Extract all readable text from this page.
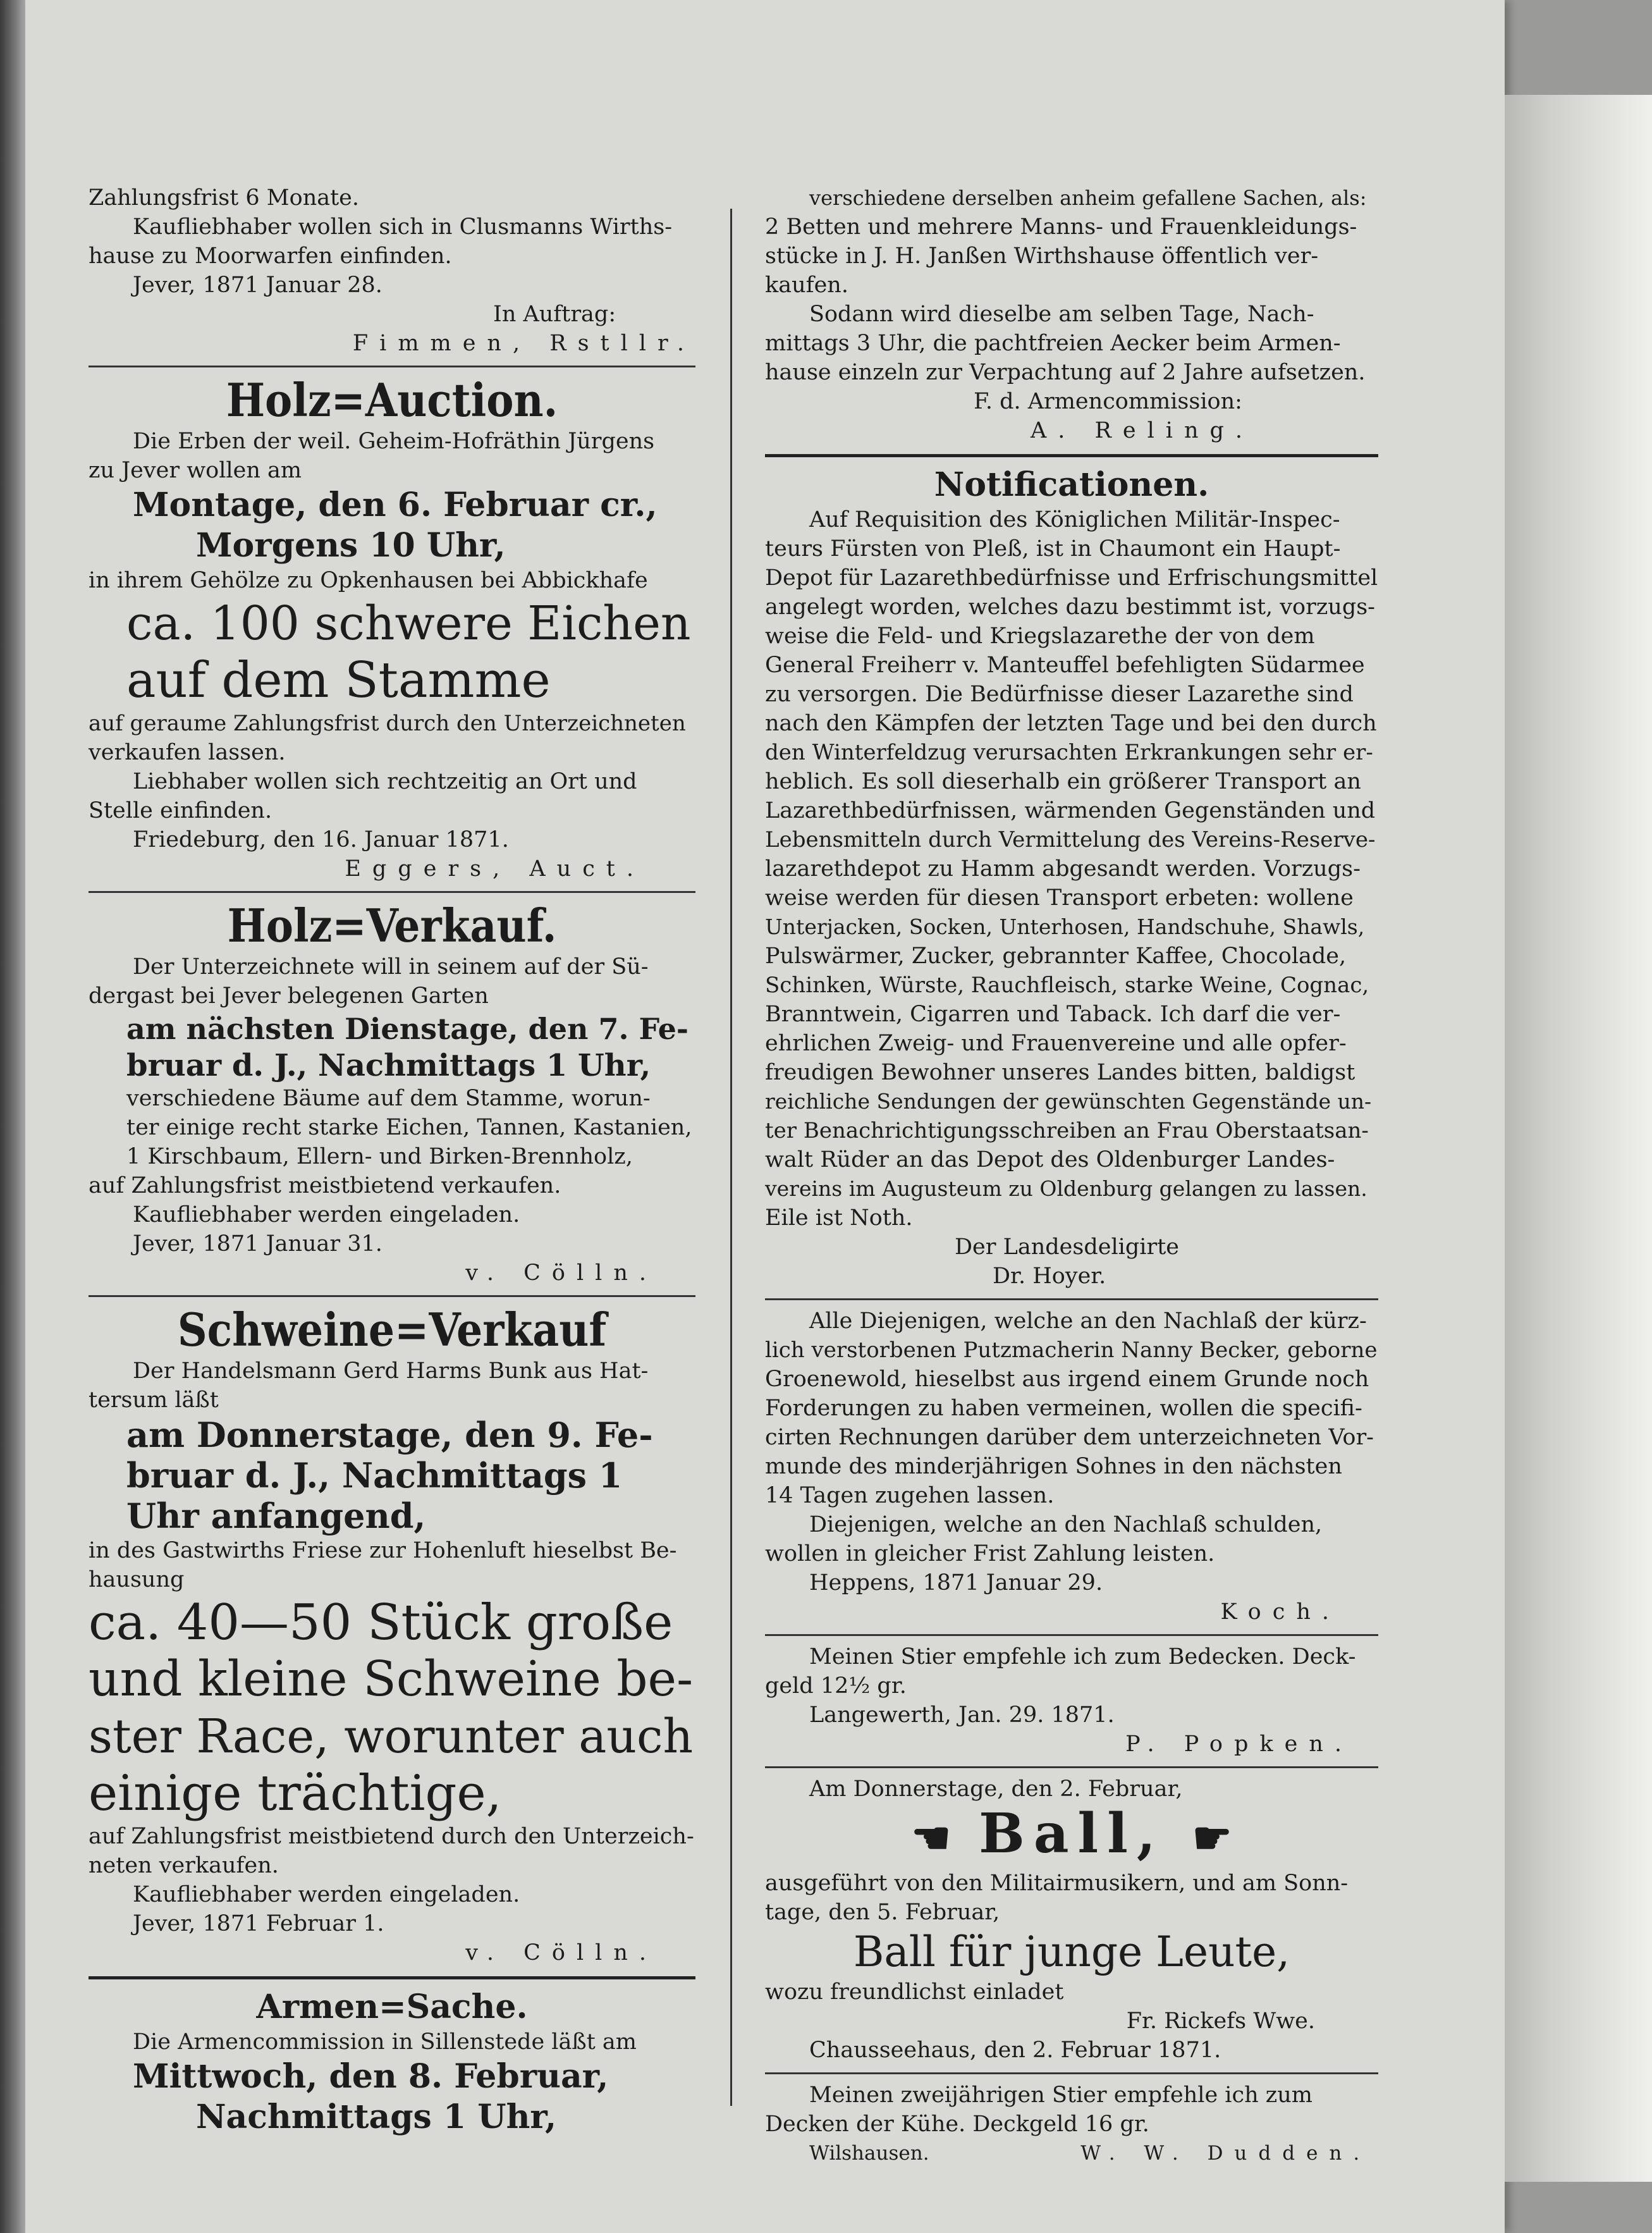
Zahlungsfrist 6 Monate.
Kaufliebhaber wollen sich in Clusmanns Wirths-
hause zu Moorwarfen einfinden.
Jever, 1871 Januar 28.
In Auftrag:
Fimmen, Rstllr.
Holz=Auction.
Die Erben der weil. Geheim-Hofräthin Jürgens
zu Jever wollen am
Montage, den 6. Februar cr.,
Morgens 10 Uhr,
in ihrem Gehölze zu Opkenhausen bei Abbickhafe
ca. 100 schwere Eichen
auf dem Stamme
auf geraume Zahlungsfrist durch den Unterzeichneten
verkaufen lassen.
Liebhaber wollen sich rechtzeitig an Ort und
Stelle einfinden.
Friedeburg, den 16. Januar 1871.
Eggers, Auct.
Holz=Verkauf.
Der Unterzeichnete will in seinem auf der Sü-
dergast bei Jever belegenen Garten
am nächsten Dienstage, den 7. Fe-
bruar d. J., Nachmittags 1 Uhr,
verschiedene Bäume auf dem Stamme, worun-
ter einige recht starke Eichen, Tannen, Kastanien,
1 Kirschbaum, Ellern- und Birken-Brennholz,
auf Zahlungsfrist meistbietend verkaufen.
Kaufliebhaber werden eingeladen.
Jever, 1871 Januar 31.
v. Cölln.
Schweine=Verkauf
Der Handelsmann Gerd Harms Bunk aus Hat-
tersum läßt
am Donnerstage, den 9. Fe-
bruar d. J., Nachmittags 1
Uhr anfangend,
in des Gastwirths Friese zur Hohenluft hieselbst Be-
hausung
ca. 40—50 Stück große
und kleine Schweine be-
ster Race, worunter auch
einige trächtige,
auf Zahlungsfrist meistbietend durch den Unterzeich-
neten verkaufen.
Kaufliebhaber werden eingeladen.
Jever, 1871 Februar 1.
v. Cölln.
Armen=Sache.
Die Armencommission in Sillenstede läßt am
Mittwoch, den 8. Februar,
Nachmittags 1 Uhr,
verschiedene derselben anheim gefallene Sachen, als:
2 Betten und mehrere Manns- und Frauenkleidungs-
stücke in J. H. Janßen Wirthshause öffentlich ver-
kaufen.
Sodann wird dieselbe am selben Tage, Nach-
mittags 3 Uhr, die pachtfreien Aecker beim Armen-
hause einzeln zur Verpachtung auf 2 Jahre aufsetzen.
F. d. Armencommission:
A. Reling.
Notificationen.
Auf Requisition des Königlichen Militär-Inspec-
teurs Fürsten von Pleß, ist in Chaumont ein Haupt-
Depot für Lazarethbedürfnisse und Erfrischungsmittel
angelegt worden, welches dazu bestimmt ist, vorzugs-
weise die Feld- und Kriegslazarethe der von dem
General Freiherr v. Manteuffel befehligten Südarmee
zu versorgen. Die Bedürfnisse dieser Lazarethe sind
nach den Kämpfen der letzten Tage und bei den durch
den Winterfeldzug verursachten Erkrankungen sehr er-
heblich. Es soll dieserhalb ein größerer Transport an
Lazarethbedürfnissen, wärmenden Gegenständen und
Lebensmitteln durch Vermittelung des Vereins-Reserve-
lazarethdepot zu Hamm abgesandt werden. Vorzugs-
weise werden für diesen Transport erbeten: wollene
Unterjacken, Socken, Unterhosen, Handschuhe, Shawls,
Pulswärmer, Zucker, gebrannter Kaffee, Chocolade,
Schinken, Würste, Rauchfleisch, starke Weine, Cognac,
Branntwein, Cigarren und Taback. Ich darf die ver-
ehrlichen Zweig- und Frauenvereine und alle opfer-
freudigen Bewohner unseres Landes bitten, baldigst
reichliche Sendungen der gewünschten Gegenstände un-
ter Benachrichtigungsschreiben an Frau Oberstaatsan-
walt Rüder an das Depot des Oldenburger Landes-
vereins im Augusteum zu Oldenburg gelangen zu lassen.
Eile ist Noth.
Der Landesdeligirte
Dr. Hoyer.
Alle Diejenigen, welche an den Nachlaß der kürz-
lich verstorbenen Putzmacherin Nanny Becker, geborne
Groenewold, hieselbst aus irgend einem Grunde noch
Forderungen zu haben vermeinen, wollen die specifi-
cirten Rechnungen darüber dem unterzeichneten Vor-
munde des minderjährigen Sohnes in den nächsten
14 Tagen zugehen lassen.
Diejenigen, welche an den Nachlaß schulden,
wollen in gleicher Frist Zahlung leisten.
Heppens, 1871 Januar 29.
Koch.
Meinen Stier empfehle ich zum Bedecken. Deck-
geld 12½ gr.
Langewerth, Jan. 29. 1871.
P. Popken.
Am Donnerstage, den 2. Februar,
☚ Ball, ☛
ausgeführt von den Militairmusikern, und am Sonn-
tage, den 5. Februar,
Ball für junge Leute,
wozu freundlichst einladet
Fr. Rickefs Wwe.
Chausseehaus, den 2. Februar 1871.
Meinen zweijährigen Stier empfehle ich zum
Decken der Kühe. Deckgeld 16 gr.
Wilshausen.	W. W. Dudden.
